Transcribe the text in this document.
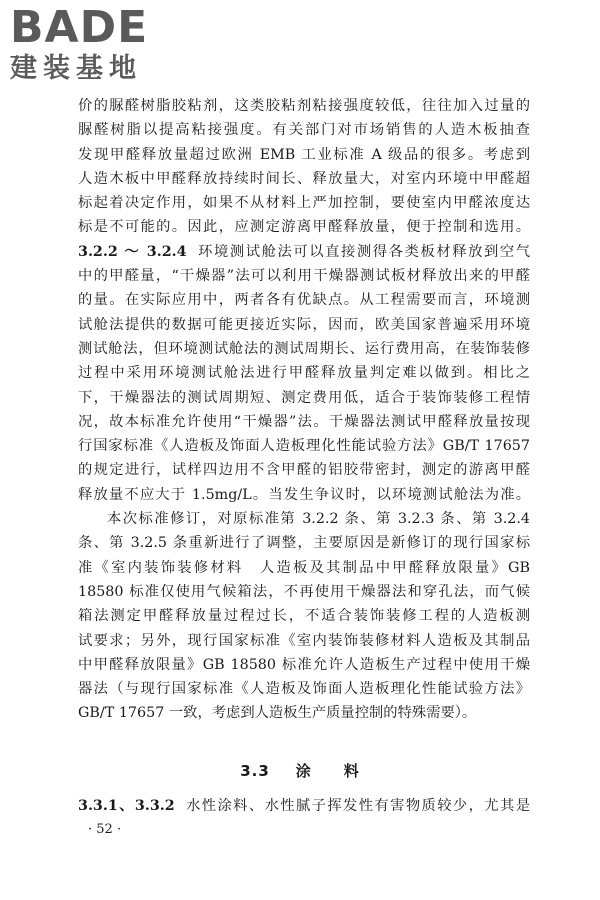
BADE
建装基地
价的脲醛树脂胶粘剂，这类胶粘剂粘接强度较低，往往加入过量的
脲醛树脂以提高粘接强度。有关部门对市场销售的人造木板抽查
发现甲醛释放量超过欧洲 EMB 工业标准 A 级品的很多。考虑到
人造木板中甲醛释放持续时间长、释放量大，对室内环境中甲醛超
标起着决定作用，如果不从材料上严加控制，要使室内甲醛浓度达
标是不可能的。因此，应测定游离甲醛释放量，便于控制和选用。
3.2.2 ～ 3.2.4 环境测试舱法可以直接测得各类板材释放到空气
中的甲醛量，“干燥器”法可以利用干燥器测试板材释放出来的甲醛
的量。在实际应用中，两者各有优缺点。从工程需要而言，环境测
试舱法提供的数据可能更接近实际，因而，欧美国家普遍采用环境
测试舱法，但环境测试舱法的测试周期长、运行费用高，在装饰装修
过程中采用环境测试舱法进行甲醛释放量判定难以做到。相比之
下，干燥器法的测试周期短、测定费用低，适合于装饰装修工程情
况，故本标准允许使用“干燥器”法。干燥器法测试甲醛释放量按现
行国家标准《人造板及饰面人造板理化性能试验方法》GB/T 17657
的规定进行，试样四边用不含甲醛的铝胶带密封，测定的游离甲醛
释放量不应大于 1.5mg/L。当发生争议时，以环境测试舱法为准。
本次标准修订，对原标准第 3.2.2 条、第 3.2.3 条、第 3.2.4
条、第 3.2.5 条重新进行了调整，主要原因是新修订的现行国家标
准《室内装饰装修材料　人造板及其制品中甲醛释放限量》GB
18580 标准仅使用气候箱法，不再使用干燥器法和穿孔法，而气候
箱法测定甲醛释放量过程过长，不适合装饰装修工程的人造板测
试要求；另外，现行国家标准《室内装饰装修材料人造板及其制品
中甲醛释放限量》GB 18580 标准允许人造板生产过程中使用干燥
器法（与现行国家标准《人造板及饰面人造板理化性能试验方法》
GB/T 17657 一致，考虑到人造板生产质量控制的特殊需要）。
3.3 涂　　料
3.3.1、3.3.2 水性涂料、水性腻子挥发性有害物质较少，尤其是
· 52 ·
